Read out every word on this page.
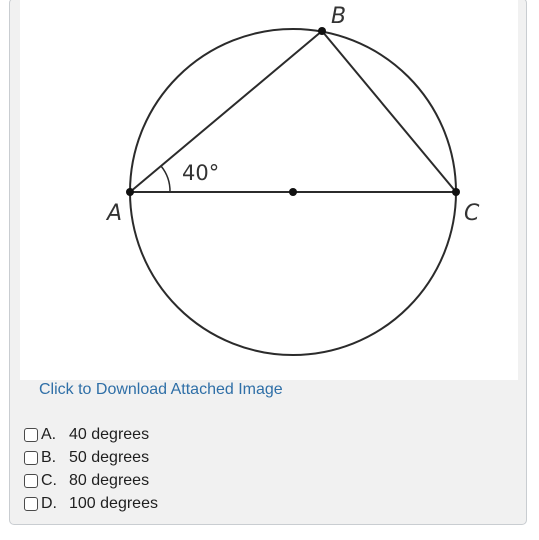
A
B
C
40°
Click to Download Attached Image
A. 40 degrees
B. 50 degrees
C. 80 degrees
D. 100 degrees
